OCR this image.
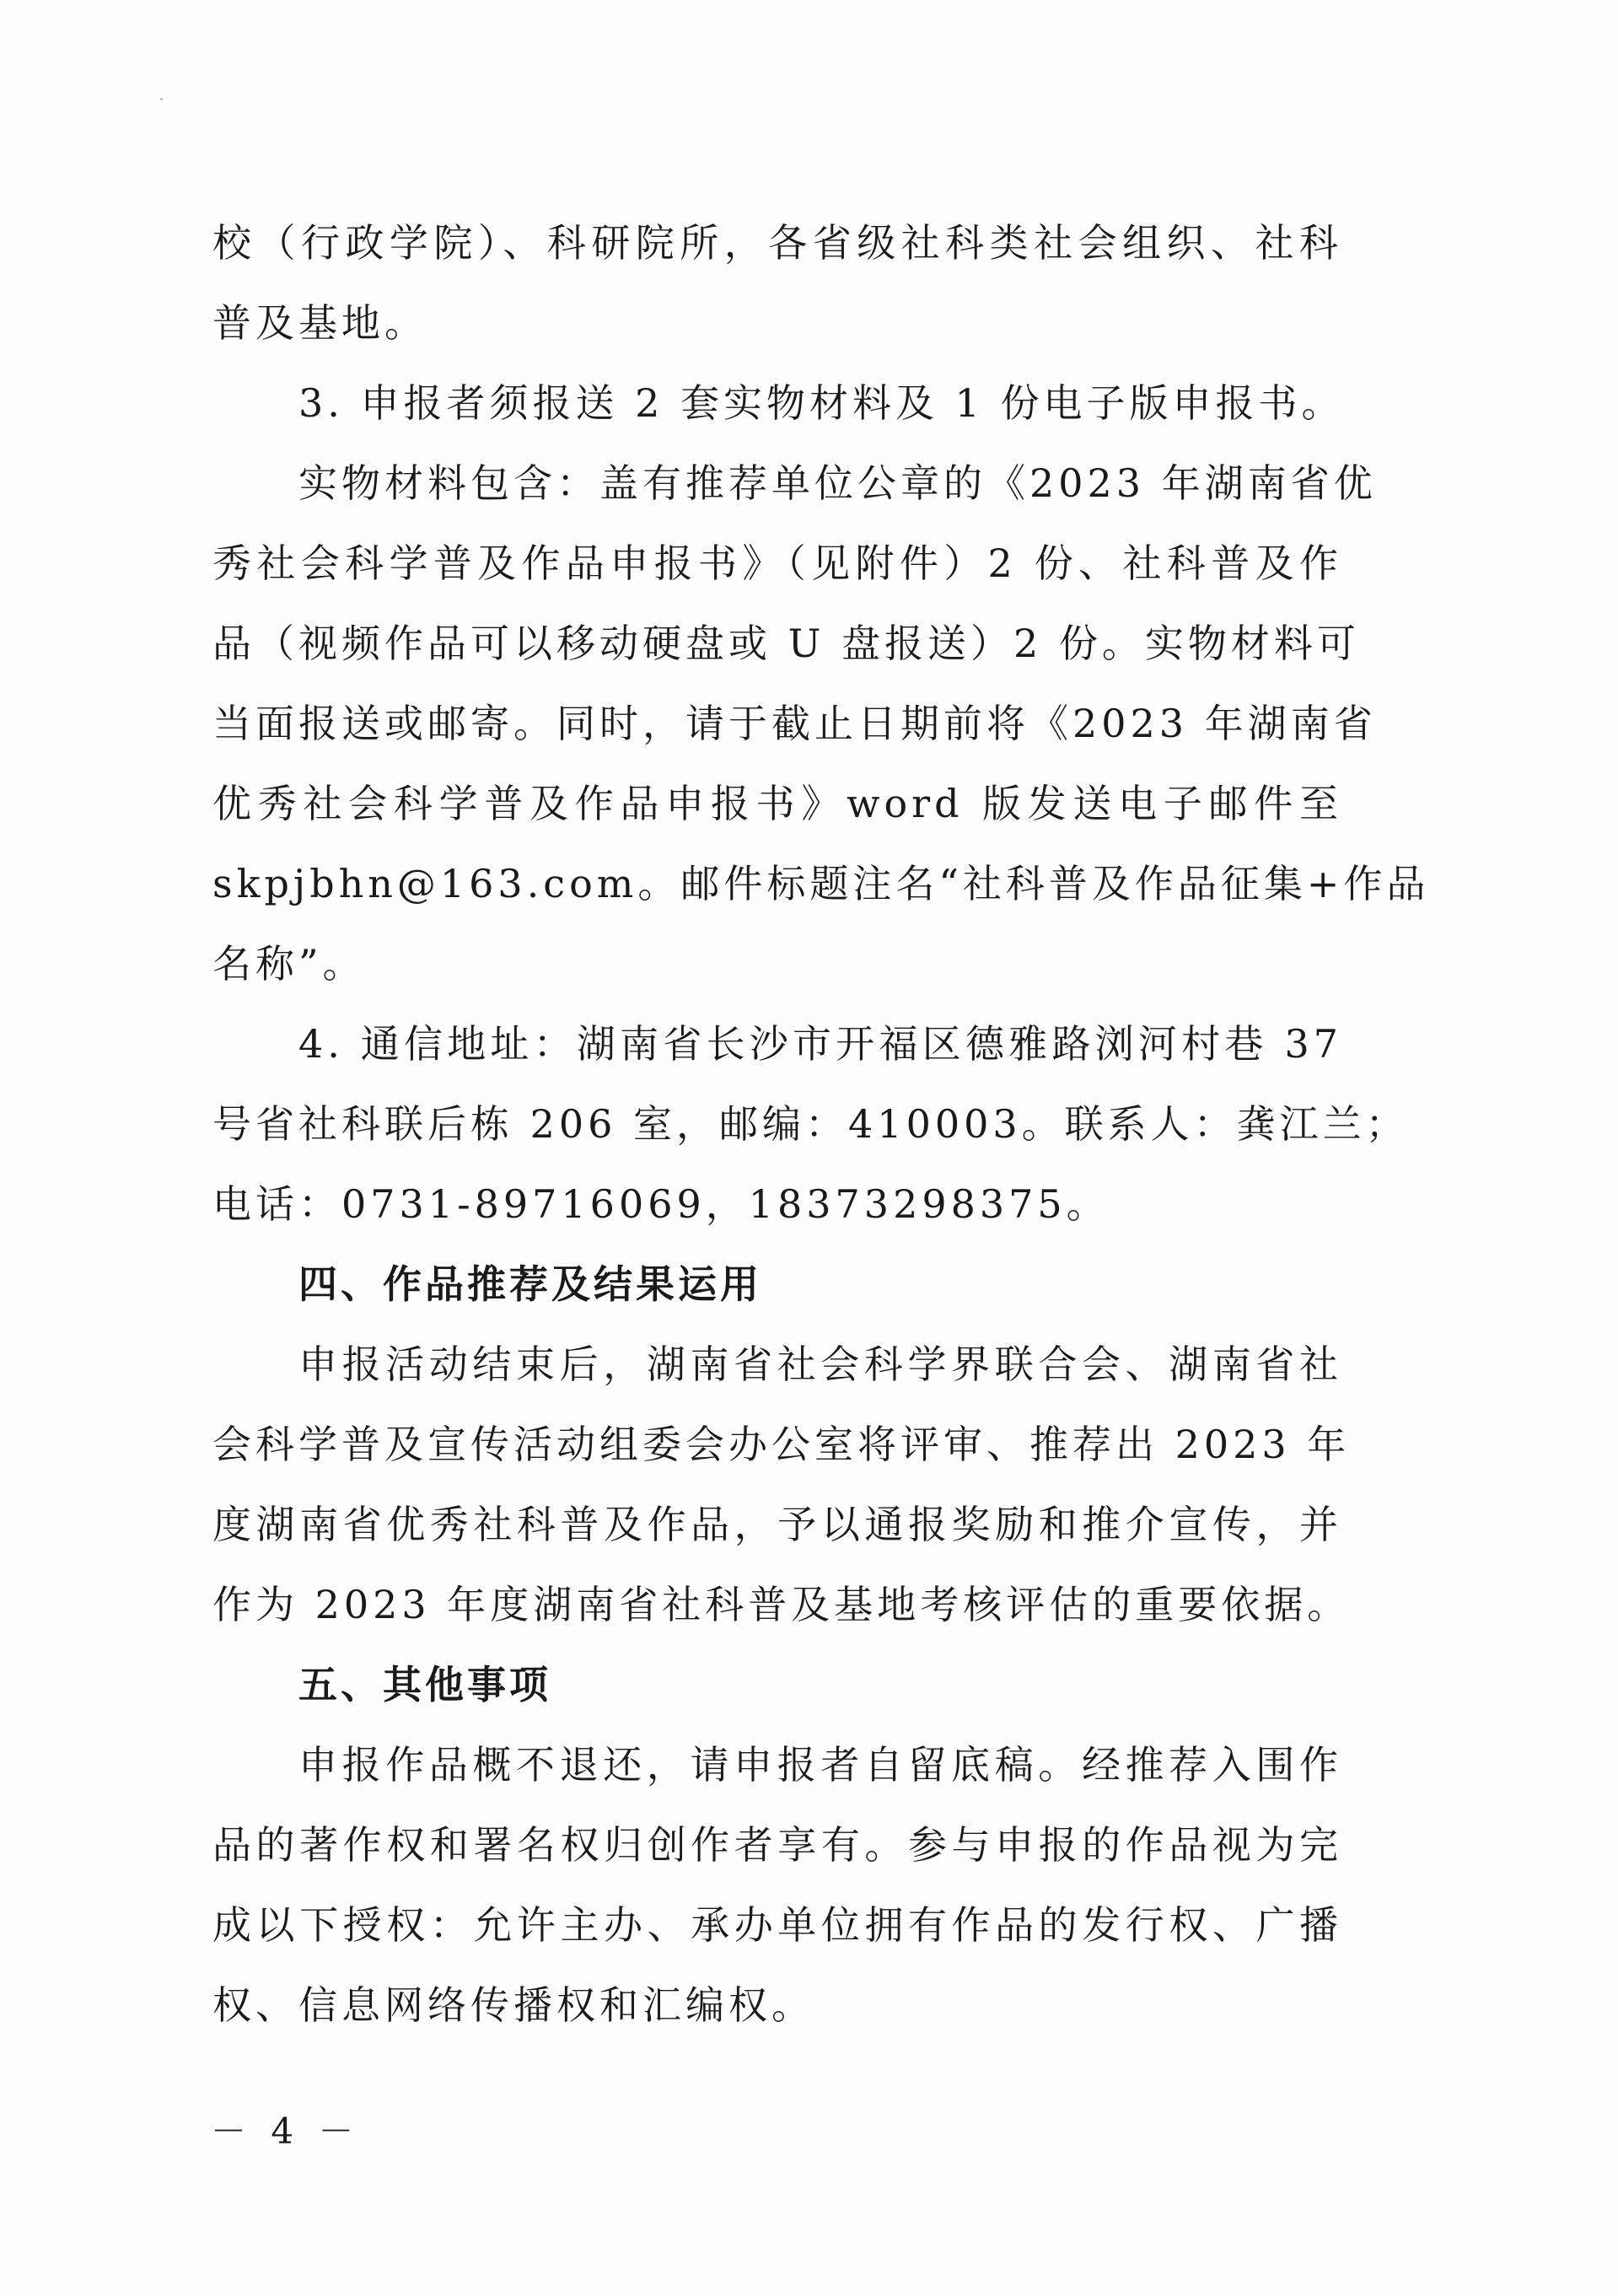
校（行政学院）、科研院所，各省级社科类社会组织、社科
普及基地。
3. 申报者须报送 2 套实物材料及 1 份电子版申报书。
实物材料包含：盖有推荐单位公章的《2023 年湖南省优
秀社会科学普及作品申报书》（见附件）2 份、社科普及作
品（视频作品可以移动硬盘或 U 盘报送）2 份。实物材料可
当面报送或邮寄。同时，请于截止日期前将《2023 年湖南省
优秀社会科学普及作品申报书》word 版发送电子邮件至
skpjbhn@163.com。邮件标题注名“社科普及作品征集+作品
名称”。
4. 通信地址：湖南省长沙市开福区德雅路浏河村巷 37
号省社科联后栋 206 室，邮编：410003。联系人：龚江兰；
电话：0731-89716069，18373298375。
四、作品推荐及结果运用
申报活动结束后，湖南省社会科学界联合会、湖南省社
会科学普及宣传活动组委会办公室将评审、推荐出 2023 年
度湖南省优秀社科普及作品，予以通报奖励和推介宣传，并
作为 2023 年度湖南省社科普及基地考核评估的重要依据。
五、其他事项
申报作品概不退还，请申报者自留底稿。经推荐入围作
品的著作权和署名权归创作者享有。参与申报的作品视为完
成以下授权：允许主办、承办单位拥有作品的发行权、广播
权、信息网络传播权和汇编权。
－ 4 －
